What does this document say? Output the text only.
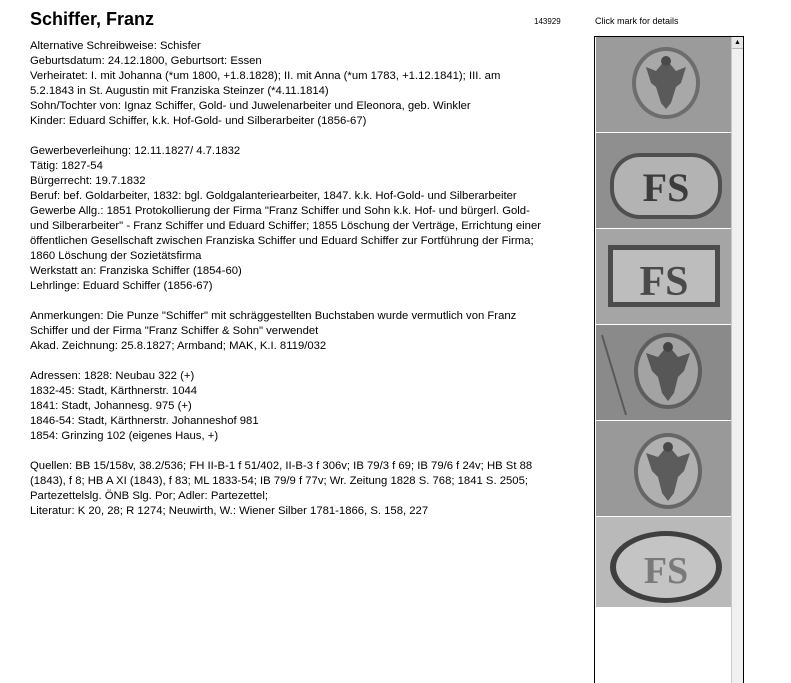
Schiffer, Franz	143929	Click mark for details
Alternative Schreibweise: Schisfer
Geburtsdatum: 24.12.1800, Geburtsort: Essen
Verheiratet: I. mit Johanna (*um 1800, +1.8.1828); II. mit Anna (*um 1783, +1.12.1841); III. am
5.2.1843 in St. Augustin mit Franziska Steinzer (*4.11.1814)
Sohn/Tochter von: Ignaz Schiffer, Gold- und Juwelenarbeiter und Eleonora, geb. Winkler
Kinder: Eduard Schiffer, k.k. Hof-Gold- und Silberarbeiter (1856-67)
Gewerbeverleihung: 12.11.1827/ 4.7.1832
Tätig: 1827-54
Bürgerrecht: 19.7.1832
Beruf: bef. Goldarbeiter, 1832: bgl. Goldgalanteriearbeiter, 1847. k.k. Hof-Gold- und Silberarbeiter
Gewerbe Allg.: 1851 Protokollierung der Firma "Franz Schiffer und Sohn k.k. Hof- und bürgerl. Gold-
und Silberarbeiter" - Franz Schiffer und Eduard Schiffer; 1855 Löschung der Verträge, Errichtung einer
öffentlichen Gesellschaft zwischen Franziska Schiffer und Eduard Schiffer zur Fortführung der Firma;
1860 Löschung der Sozietätsfirma
Werkstatt an: Franziska Schiffer (1854-60)
Lehrlinge: Eduard Schiffer (1856-67)
Anmerkungen: Die Punze "Schiffer" mit schräggestellten Buchstaben wurde vermutlich von Franz
Schiffer und der Firma "Franz Schiffer & Sohn" verwendet
Akad. Zeichnung: 25.8.1827; Armband; MAK, K.I. 8119/032
Adressen: 1828: Neubau 322 (+)
1832-45: Stadt, Kärthnerstr. 1044
1841: Stadt, Johannesg. 975 (+)
1846-54: Stadt, Kärthnerstr. Johanneshof 981
1854: Grinzing 102 (eigenes Haus, +)
Quellen: BB 15/158v, 38.2/536; FH II-B-1 f 51/402, II-B-3 f 306v; IB 79/3 f 69; IB 79/6 f 24v; HB St 88
(1843), f 8; HB A XI (1843), f 83; ML 1833-54; IB 79/9 f 77v; Wr. Zeitung 1828 S. 768; 1841 S. 2505;
Partezettelslg. ÖNB Slg. Por; Adler: Partezettel;
Literatur: K 20, 28; R 1274; Neuwirth, W.: Wiener Silber 1781-1866, S. 158, 227
FS
FS
FS
▲
